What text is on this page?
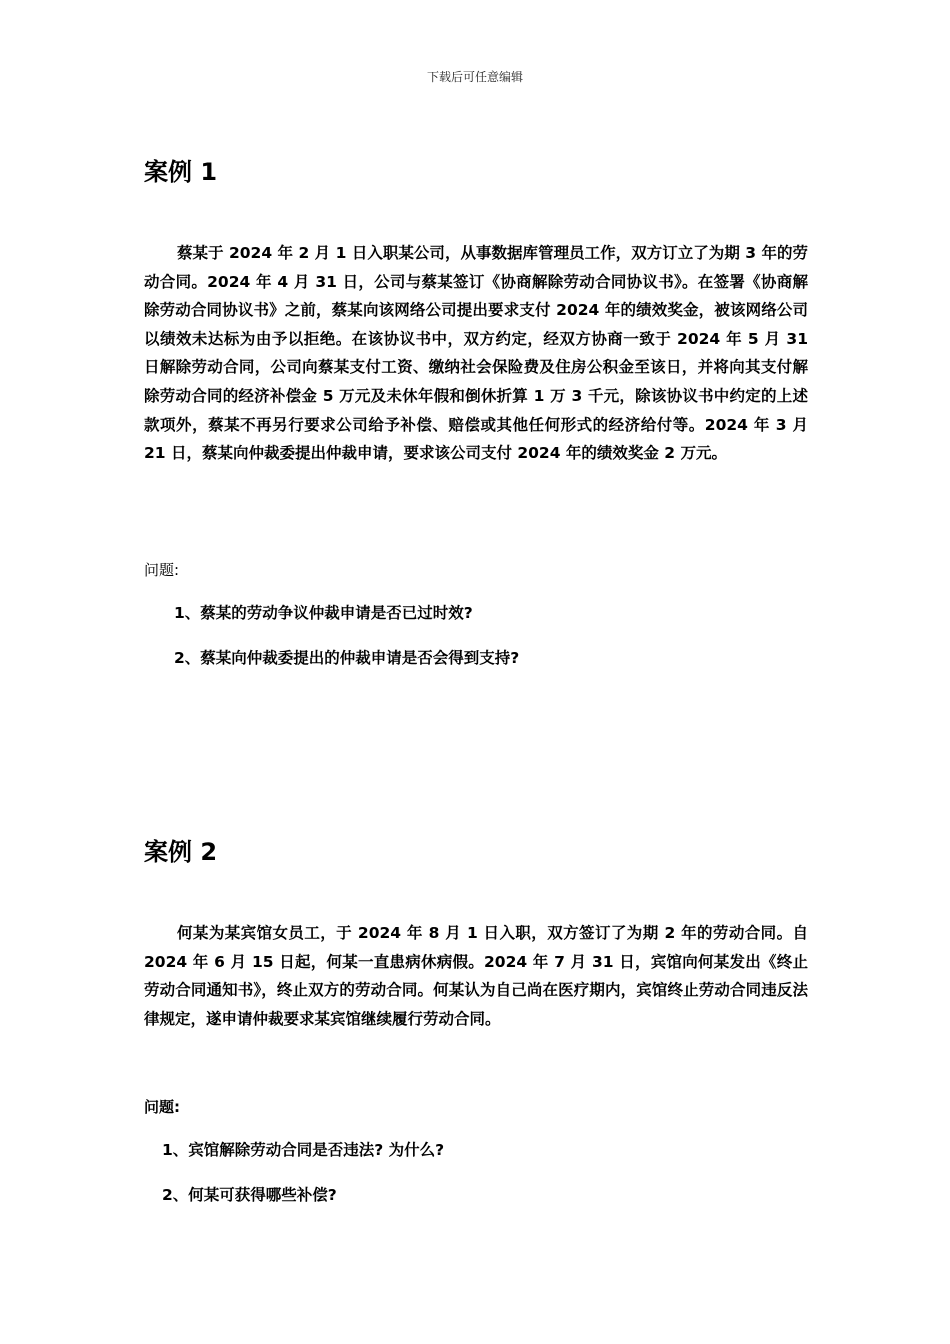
下载后可任意编辑
案例 1

蔡某于 2024 年 2 月 1 日入职某公司，从事数据库管理员工作，双方订立了为期 3 年的劳动合同。2024 年 4 月 31 日，公司与蔡某签订《协商解除劳动合同协议书》。在签署《协商解除劳动合同协议书》之前，蔡某向该网络公司提出要求支付 2024 年的绩效奖金，被该网络公司以绩效未达标为由予以拒绝。在该协议书中，双方约定，经双方协商一致于 2024 年 5 月 31 日解除劳动合同，公司向蔡某支付工资、缴纳社会保险费及住房公积金至该日，并将向其支付解除劳动合同的经济补偿金 5 万元及未休年假和倒休折算 1 万 3 千元，除该协议书中约定的上述款项外，蔡某不再另行要求公司给予补偿、赔偿或其他任何形式的经济给付等。2024 年 3 月 21 日，蔡某向仲裁委提出仲裁申请，要求该公司支付 2024 年的绩效奖金 2 万元。

问题:
1、蔡某的劳动争议仲裁申请是否已过时效?
2、蔡某向仲裁委提出的仲裁申请是否会得到支持?
案例 2

何某为某宾馆女员工，于 2024 年 8 月 1 日入职，双方签订了为期 2 年的劳动合同。自 2024 年 6 月 15 日起，何某一直患病休病假。2024 年 7 月 31 日，宾馆向何某发出《终止劳动合同通知书》，终止双方的劳动合同。何某认为自己尚在医疗期内，宾馆终止劳动合同违反法律规定，遂申请仲裁要求某宾馆继续履行劳动合同。

问题:
1、宾馆解除劳动合同是否违法? 为什么?
2、何某可获得哪些补偿?
